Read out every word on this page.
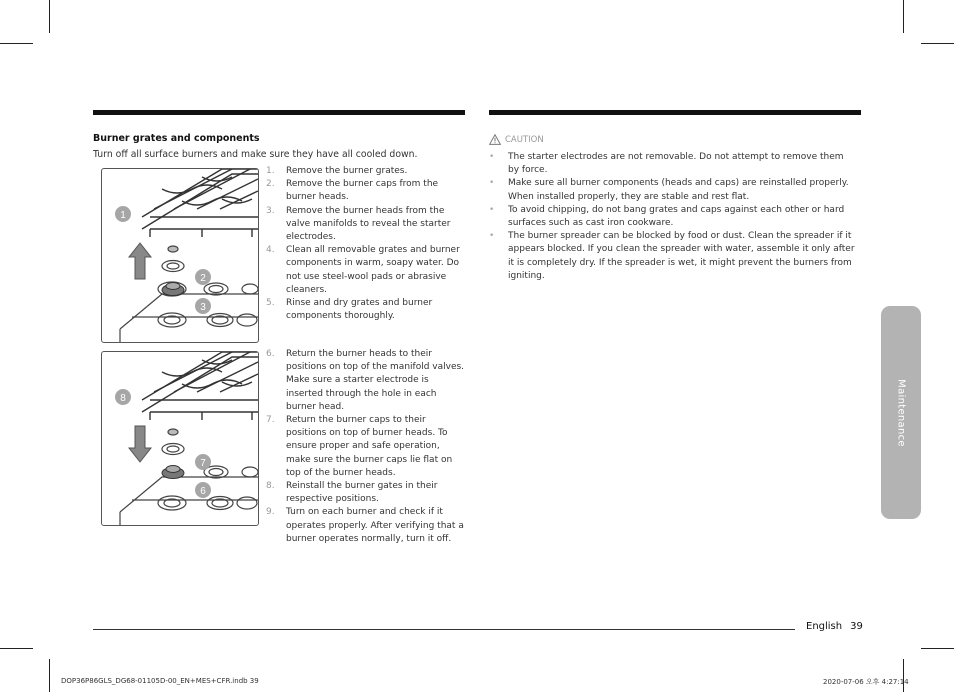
Burner grates and components
Turn off all surface burners and make sure they have all cooled down.
1
2
3
1. Remove the burner grates.
2. Remove the burner caps from the burner heads.
3. Remove the burner heads from the valve manifolds to reveal the starter electrodes.
4. Clean all removable grates and burner components in warm, soapy water. Do not use steel-wool pads or abrasive cleaners.
5. Rinse and dry grates and burner components thoroughly.
8
7
6
6. Return the burner heads to their positions on top of the manifold valves. Make sure a starter electrode is inserted through the hole in each burner head.
7. Return the burner caps to their positions on top of burner heads. To ensure proper and safe operation, make sure the burner caps lie flat on top of the burner heads.
8. Reinstall the burner gates in their respective positions.
9. Turn on each burner and check if it operates properly. After verifying that a burner operates normally, turn it off.
CAUTION
• The starter electrodes are not removable. Do not attempt to remove them by force.
• Make sure all burner components (heads and caps) are reinstalled properly. When installed properly, they are stable and rest flat.
• To avoid chipping, do not bang grates and caps against each other or hard surfaces such as cast iron cookware.
• The burner spreader can be blocked by food or dust. Clean the spreader if it appears blocked. If you clean the spreader with water, assemble it only after it is completely dry. If the spreader is wet, it might prevent the burners from igniting.
Maintenance
English 39
DOP36P86GLS_DG68-01105D-00_EN+MES+CFR.indb 39	2020-07-06 오후 4:27:14
